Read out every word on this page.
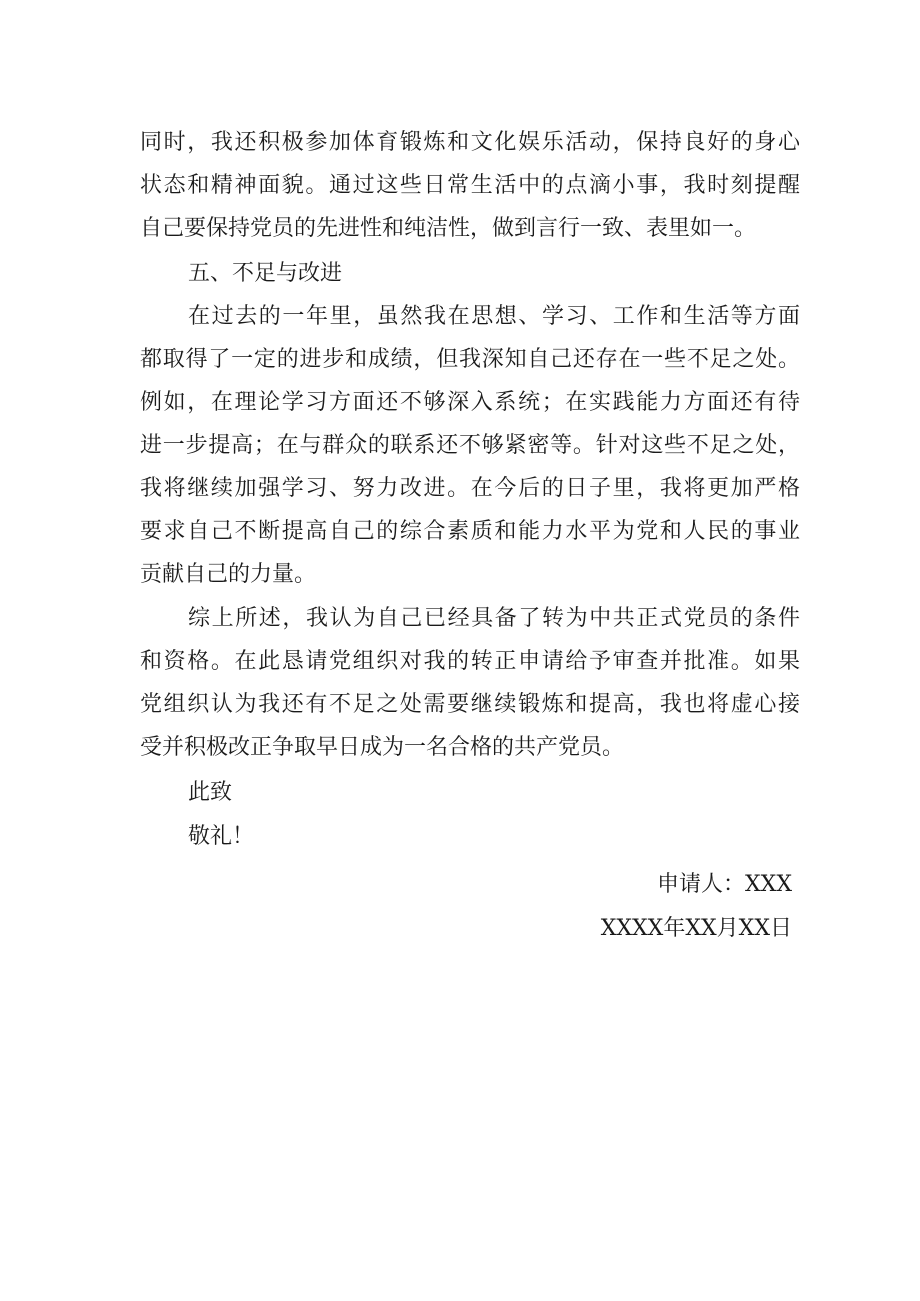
同时，我还积极参加体育锻炼和文化娱乐活动，保持良好的身心
状态和精神面貌。通过这些日常生活中的点滴小事，我时刻提醒
自己要保持党员的先进性和纯洁性，做到言行一致、表里如一。
五、不足与改进
在过去的一年里，虽然我在思想、学习、工作和生活等方面
都取得了一定的进步和成绩，但我深知自己还存在一些不足之处。
例如，在理论学习方面还不够深入系统；在实践能力方面还有待
进一步提高；在与群众的联系还不够紧密等。针对这些不足之处，
我将继续加强学习、努力改进。在今后的日子里，我将更加严格
要求自己不断提高自己的综合素质和能力水平为党和人民的事业
贡献自己的力量。
综上所述，我认为自己已经具备了转为中共正式党员的条件
和资格。在此恳请党组织对我的转正申请给予审查并批准。如果
党组织认为我还有不足之处需要继续锻炼和提高，我也将虚心接
受并积极改正争取早日成为一名合格的共产党员。
此致
敬礼！
申请人：XXX
XXXX年XX月XX日
